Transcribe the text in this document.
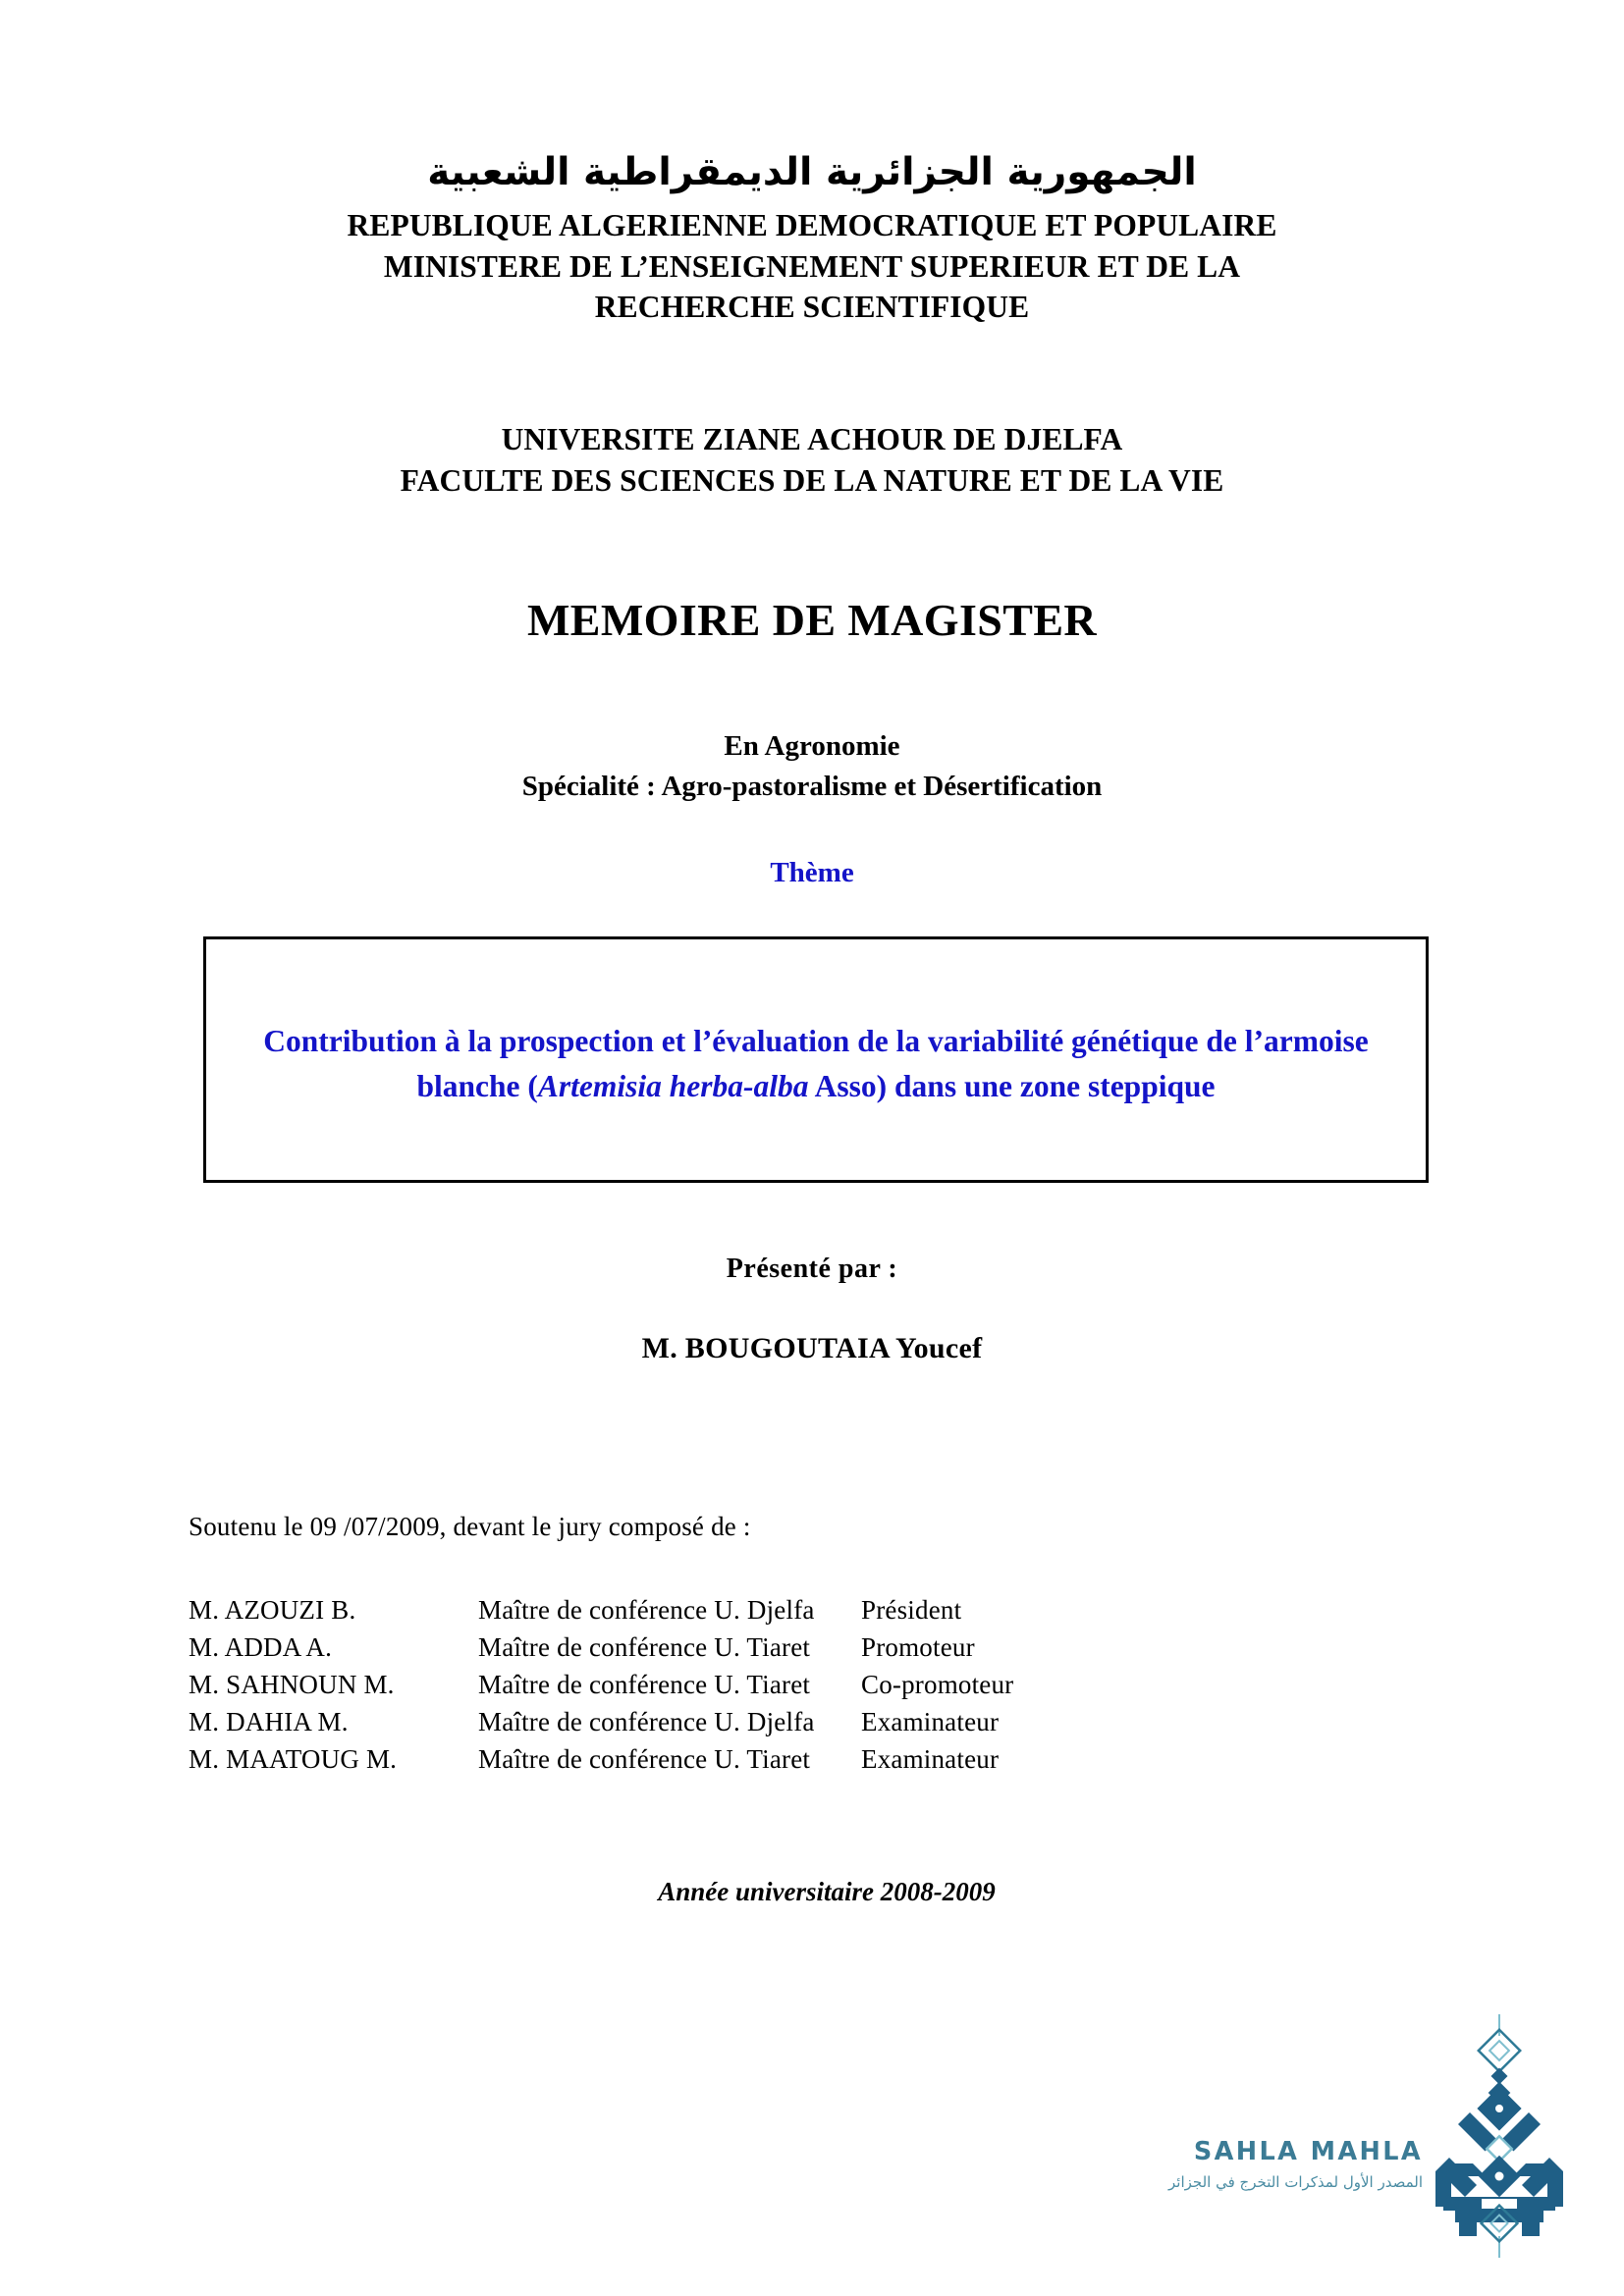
الجمهورية الجزائرية الديمقراطية الشعبية
REPUBLIQUE ALGERIENNE DEMOCRATIQUE ET POPULAIRE
MINISTERE DE L’ENSEIGNEMENT SUPERIEUR ET DE LA
RECHERCHE SCIENTIFIQUE
UNIVERSITE ZIANE ACHOUR DE DJELFA
FACULTE DES SCIENCES DE LA NATURE ET DE LA VIE
MEMOIRE DE MAGISTER
En Agronomie
Spécialité : Agro-pastoralisme et Désertification
Thème
Contribution à la prospection et l’évaluation de la variabilité génétique de l’armoise blanche (Artemisia herba-alba Asso) dans une zone steppique
Présenté par :
M. BOUGOUTAIA Youcef
Soutenu le 09 /07/2009, devant le jury composé de :
M. AZOUZI B.	Maître de conférence U. Djelfa	Président
M. ADDA A.	Maître de conférence U. Tiaret	Promoteur
M. SAHNOUN M.	Maître de conférence U. Tiaret	Co-promoteur
M. DAHIA M.	Maître de conférence U. Djelfa	Examinateur
M. MAATOUG M.	Maître de conférence U. Tiaret	Examinateur
Année universitaire 2008-2009
SAHLA MAHLA
المصدر الأول لمذكرات التخرج في الجزائر
